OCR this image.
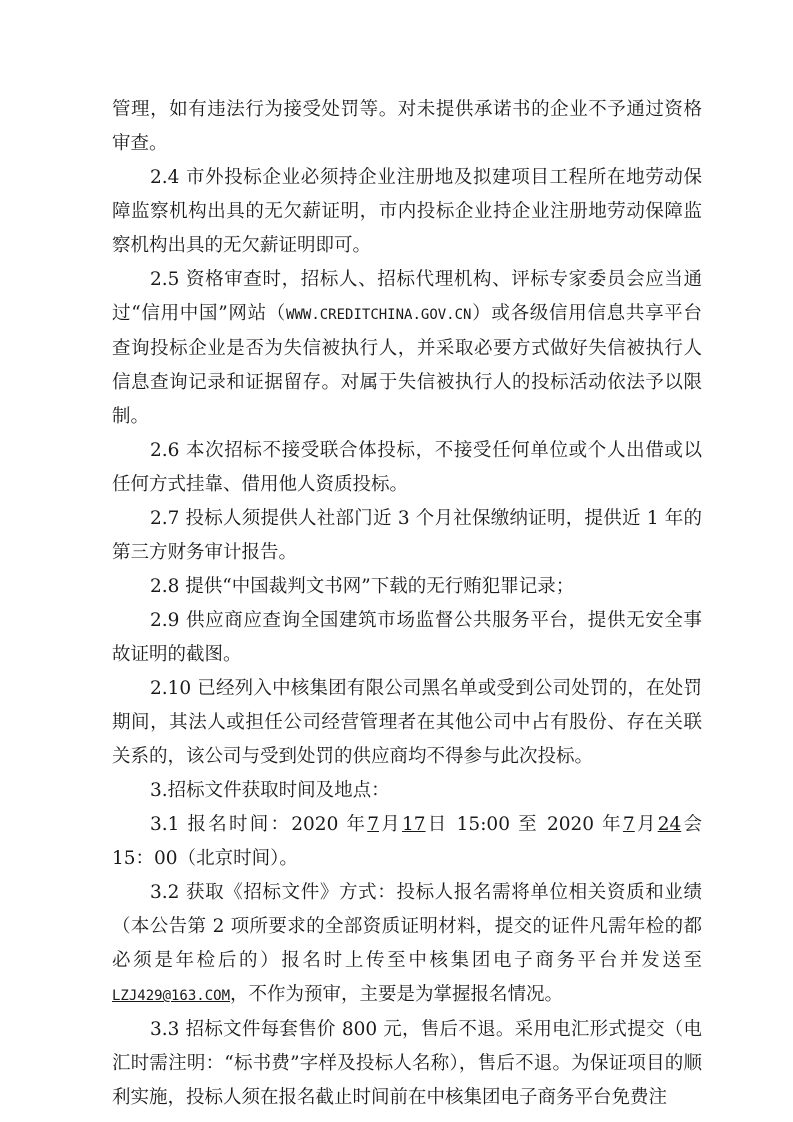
管理，如有违法行为接受处罚等。对未提供承诺书的企业不予通过资格审查。

2.4 市外投标企业必须持企业注册地及拟建项目工程所在地劳动保障监察机构出具的无欠薪证明，市内投标企业持企业注册地劳动保障监察机构出具的无欠薪证明即可。

2.5 资格审查时，招标人、招标代理机构、评标专家委员会应当通过“信用中国”网站（WWW.CREDITCHINA.GOV.CN）或各级信用信息共享平台查询投标企业是否为失信被执行人，并采取必要方式做好失信被执行人信息查询记录和证据留存。对属于失信被执行人的投标活动依法予以限制。

2.6 本次招标不接受联合体投标，不接受任何单位或个人出借或以任何方式挂靠、借用他人资质投标。

2.7 投标人须提供人社部门近 3 个月社保缴纳证明，提供近 1 年的第三方财务审计报告。

2.8 提供“中国裁判文书网”下载的无行贿犯罪记录；

2.9 供应商应查询全国建筑市场监督公共服务平台，提供无安全事故证明的截图。

2.10 已经列入中核集团有限公司黑名单或受到公司处罚的，在处罚期间，其法人或担任公司经营管理者在其他公司中占有股份、存在关联关系的，该公司与受到处罚的供应商均不得参与此次投标。

3.招标文件获取时间及地点：

3.1 报名时间：2020 年7月17日 15:00 至 2020 年7月24会 15：00（北京时间）。

3.2 获取《招标文件》方式：投标人报名需将单位相关资质和业绩（本公告第 2 项所要求的全部资质证明材料，提交的证件凡需年检的都必须是年检后的）报名时上传至中核集团电子商务平台并发送至LZJ429@163.COM，不作为预审，主要是为掌握报名情况。

3.3 招标文件每套售价 800 元，售后不退。采用电汇形式提交（电汇时需注明：“标书费”字样及投标人名称），售后不退。为保证项目的顺利实施，投标人须在报名截止时间前在中核集团电子商务平台免费注
